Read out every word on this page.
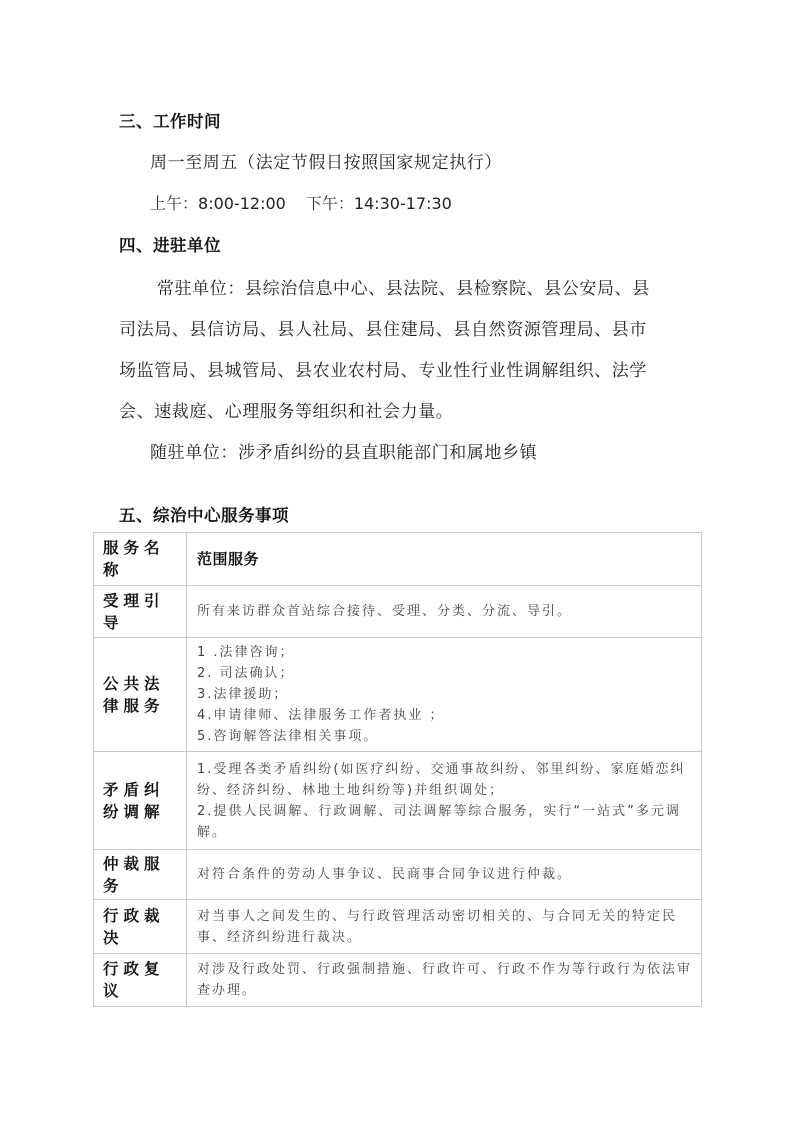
三、工作时间
周一至周五（法定节假日按照国家规定执行）
上午：8:00-12:00 下午：14:30-17:30
四、进驻单位
常驻单位：县综治信息中心、县法院、县检察院、县公安局、县
司法局、县信访局、县人社局、县住建局、县自然资源管理局、县市
场监管局、县城管局、县农业农村局、专业性行业性调解组织、法学
会、速裁庭、心理服务等组织和社会力量。
随驻单位：涉矛盾纠纷的县直职能部门和属地乡镇
五、综治中心服务事项
服务名称	范围服务
受理引导	所有来访群众首站综合接待、受理、分类、分流、导引。

公共法律服务	1 .法律咨询；
2. 司法确认；
3.法律援助；
4.申请律师、法律服务工作者执业 ；
5.咨询解答法律相关事项。

矛盾纠纷调解	1.受理各类矛盾纠纷(如医疗纠纷、交通事故纠纷、邻里纠纷、家庭婚恋纠纷、经济纠纷、林地土地纠纷等)并组织调处；
2.提供人民调解、行政调解、司法调解等综合服务，实行“一站式”多元调解。

仲裁服务	对符合条件的劳动人事争议、民商事合同争议进行仲裁。

行政裁决	对当事人之间发生的、与行政管理活动密切相关的、与合同无关的特定民事、经济纠纷进行裁决。

行政复议	对涉及行政处罚、行政强制措施、行政许可、行政不作为等行政行为依法审查办理。
